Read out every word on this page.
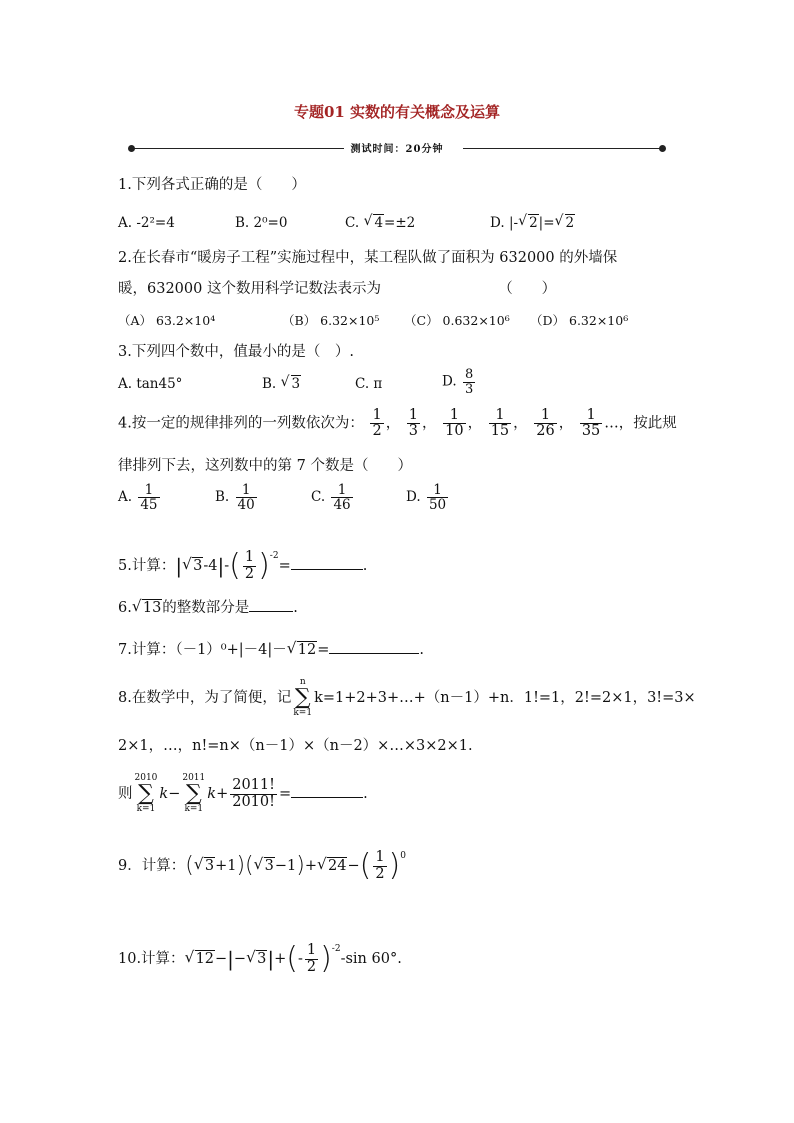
专题01 实数的有关概念及运算
测试时间：20分钟
1.下列各式正确的是（　　）
A. -2²=4	B. 2⁰=0	C. √ 4=±2	D. |- √ 2|= √ 2
2.在长春市“暖房子工程”实施过程中，某工程队做了面积为 632000 的外墙保
暖，632000 这个数用科学记数法表示为	（　　）
（A） 63.2×10⁴	（B） 6.32×10⁵ （C） 0.632×10⁶ （D） 6.32×10⁶
3.下列四个数中，值最小的是（　）.
A. tan45°	B. √ 3	C. π	D. $\frac{8}{3}$
4.按一定的规律排列的一列数依次为： $\frac{1}{2}$ ， $\frac{1}{3}$ ， $\frac{1}{10}$ ， $\frac{1}{15}$ ， $\frac{1}{26}$ ， $\frac{1}{35}$ …，按此规
律排列下去，这列数中的第 7 个数是（　　）
A. $\frac{1}{45}$	B. $\frac{1}{40}$	C. $\frac{1}{46}$	D. $\frac{1}{50}$
5.计算：| √ $3-4|-( \frac{1}{2} )^{-2}=$	.
6. √ 13的整数部分是	.
7.计算：（－1）⁰+|－4|－ √ 12=	.
8.在数学中，为了简便，记
n
∑
k=1
k=1+2+3+…+（n－1）+n．1!=1，2!=2×1，3!=3×
2×1，…，n!=n×（n－1）×（n－2）×…×3×2×1.
则
2010
∑
k=1
k−
2011
∑
k=1
$k+ \frac{2011!}{2010!}$ =	.
9．计算：( √ 3+1)( √ 3−1)+ √ $24-( \frac{1}{2} )^0$
10.计算： √ 12−|− √ $3|+(- \frac{1}{2} )^{-2}-\sin$ 60°.
